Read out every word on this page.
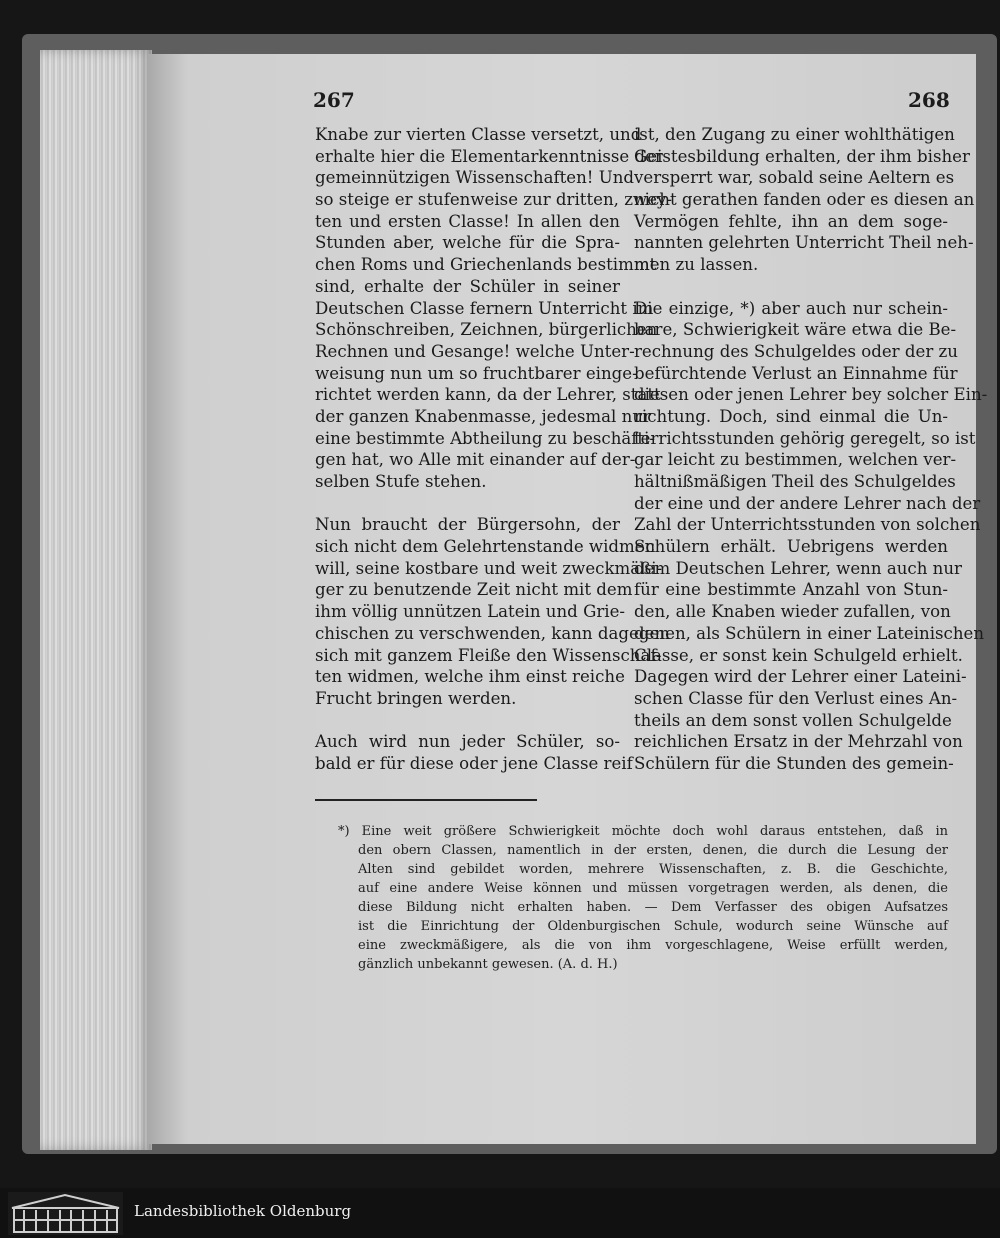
267	268
Knabe zur vierten Classe versetzt, und
erhalte hier die Elementarkenntnisse der
gemeinnützigen Wissenschaften! Und
so steige er stufenweise zur dritten, zwey-
ten und ersten Classe! In allen den
Stunden aber, welche für die Spra-
chen Roms und Griechenlands bestimmt
sind, erhalte der Schüler in seiner
Deutschen Classe fernern Unterricht im
Schönschreiben, Zeichnen, bürgerlichen
Rechnen und Gesange! welche Unter-
weisung nun um so fruchtbarer einge-
richtet werden kann, da der Lehrer, statt
der ganzen Knabenmasse, jedesmal nur
eine bestimmte Abtheilung zu beschäfti-
gen hat, wo Alle mit einander auf der-
selben Stufe stehen.
Nun braucht der Bürgersohn, der
sich nicht dem Gelehrtenstande widmen
will, seine kostbare und weit zweckmäßi-
ger zu benutzende Zeit nicht mit dem
ihm völlig unnützen Latein und Grie-
chischen zu verschwenden, kann dagegen
sich mit ganzem Fleiße den Wissenschaf-
ten widmen, welche ihm einst reiche
Frucht bringen werden.
Auch wird nun jeder Schüler, so-
bald er für diese oder jene Classe reif
ist, den Zugang zu einer wohlthätigen
Geistesbildung erhalten, der ihm bisher
versperrt war, sobald seine Aeltern es
nicht gerathen fanden oder es diesen an
Vermögen fehlte, ihn an dem soge-
nannten gelehrten Unterricht Theil neh-
men zu lassen.
Die einzige, *) aber auch nur schein-
bare, Schwierigkeit wäre etwa die Be-
rechnung des Schulgeldes oder der zu
befürchtende Verlust an Einnahme für
diesen oder jenen Lehrer bey solcher Ein-
richtung. Doch, sind einmal die Un-
terrichtsstunden gehörig geregelt, so ist
gar leicht zu bestimmen, welchen ver-
hältnißmäßigen Theil des Schulgeldes
der eine und der andere Lehrer nach der
Zahl der Unterrichtsstunden von solchen
Schülern erhält. Uebrigens werden
dem Deutschen Lehrer, wenn auch nur
für eine bestimmte Anzahl von Stun-
den, alle Knaben wieder zufallen, von
denen, als Schülern in einer Lateinischen
Classe, er sonst kein Schulgeld erhielt.
Dagegen wird der Lehrer einer Lateini-
schen Classe für den Verlust eines An-
theils an dem sonst vollen Schulgelde
reichlichen Ersatz in der Mehrzahl von
Schülern für die Stunden des gemein-
*) Eine weit größere Schwierigkeit möchte doch wohl daraus entstehen, daß in
den obern Classen, namentlich in der ersten, denen, die durch die Lesung der
Alten sind gebildet worden, mehrere Wissenschaften, z. B. die Geschichte,
auf eine andere Weise können und müssen vorgetragen werden, als denen, die
diese Bildung nicht erhalten haben. — Dem Verfasser des obigen Aufsatzes
ist die Einrichtung der Oldenburgischen Schule, wodurch seine Wünsche auf
eine zweckmäßigere, als die von ihm vorgeschlagene, Weise erfüllt werden,
gänzlich unbekannt gewesen. (A. d. H.)
Landesbibliothek Oldenburg
